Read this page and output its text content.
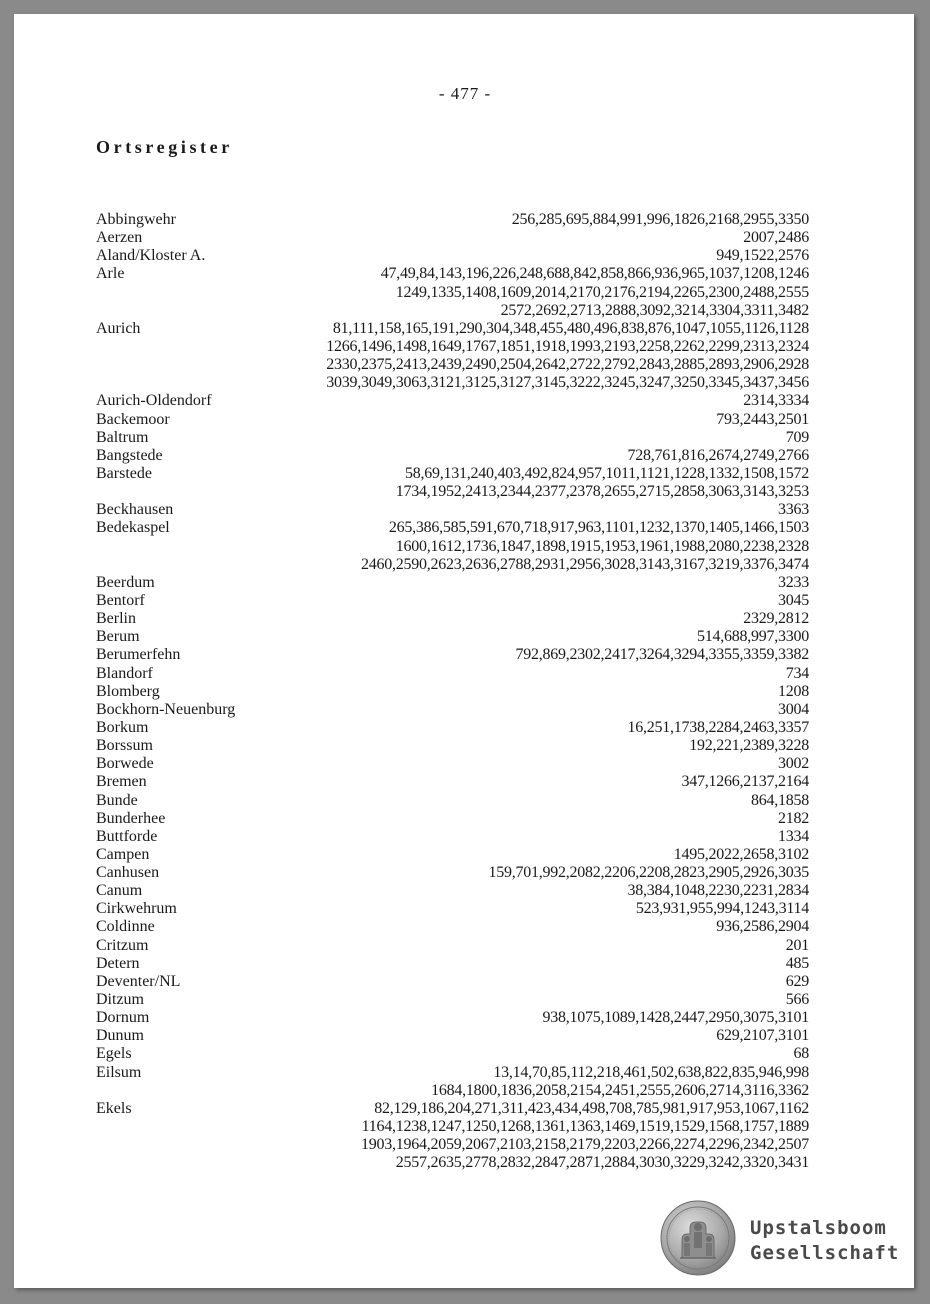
- 477 -
Ortsregister
Abbingwehr	256,285,695,884,991,996,1826,2168,2955,3350
Aerzen	2007,2486
Aland/Kloster A.	949,1522,2576
Arle	47,49,84,143,196,226,248,688,842,858,866,936,965,1037,1208,1246
1249,1335,1408,1609,2014,2170,2176,2194,2265,2300,2488,2555
2572,2692,2713,2888,3092,3214,3304,3311,3482
Aurich	81,111,158,165,191,290,304,348,455,480,496,838,876,1047,1055,1126,1128
1266,1496,1498,1649,1767,1851,1918,1993,2193,2258,2262,2299,2313,2324
2330,2375,2413,2439,2490,2504,2642,2722,2792,2843,2885,2893,2906,2928
3039,3049,3063,3121,3125,3127,3145,3222,3245,3247,3250,3345,3437,3456
Aurich-Oldendorf	2314,3334
Backemoor	793,2443,2501
Baltrum	709
Bangstede	728,761,816,2674,2749,2766
Barstede	58,69,131,240,403,492,824,957,1011,1121,1228,1332,1508,1572
1734,1952,2413,2344,2377,2378,2655,2715,2858,3063,3143,3253
Beckhausen	3363
Bedekaspel	265,386,585,591,670,718,917,963,1101,1232,1370,1405,1466,1503
1600,1612,1736,1847,1898,1915,1953,1961,1988,2080,2238,2328
2460,2590,2623,2636,2788,2931,2956,3028,3143,3167,3219,3376,3474
Beerdum	3233
Bentorf	3045
Berlin	2329,2812
Berum	514,688,997,3300
Berumerfehn	792,869,2302,2417,3264,3294,3355,3359,3382
Blandorf	734
Blomberg	1208
Bockhorn-Neuenburg	3004
Borkum	16,251,1738,2284,2463,3357
Borssum	192,221,2389,3228
Borwede	3002
Bremen	347,1266,2137,2164
Bunde	864,1858
Bunderhee	2182
Buttforde	1334
Campen	1495,2022,2658,3102
Canhusen	159,701,992,2082,2206,2208,2823,2905,2926,3035
Canum	38,384,1048,2230,2231,2834
Cirkwehrum	523,931,955,994,1243,3114
Coldinne	936,2586,2904
Critzum	201
Detern	485
Deventer/NL	629
Ditzum	566
Dornum	938,1075,1089,1428,2447,2950,3075,3101
Dunum	629,2107,3101
Egels	68
Eilsum	13,14,70,85,112,218,461,502,638,822,835,946,998
1684,1800,1836,2058,2154,2451,2555,2606,2714,3116,3362
Ekels	82,129,186,204,271,311,423,434,498,708,785,981,917,953,1067,1162
1164,1238,1247,1250,1268,1361,1363,1469,1519,1529,1568,1757,1889
1903,1964,2059,2067,2103,2158,2179,2203,2266,2274,2296,2342,2507
2557,2635,2778,2832,2847,2871,2884,3030,3229,3242,3320,3431
Upstalsboom
Gesellschaft
